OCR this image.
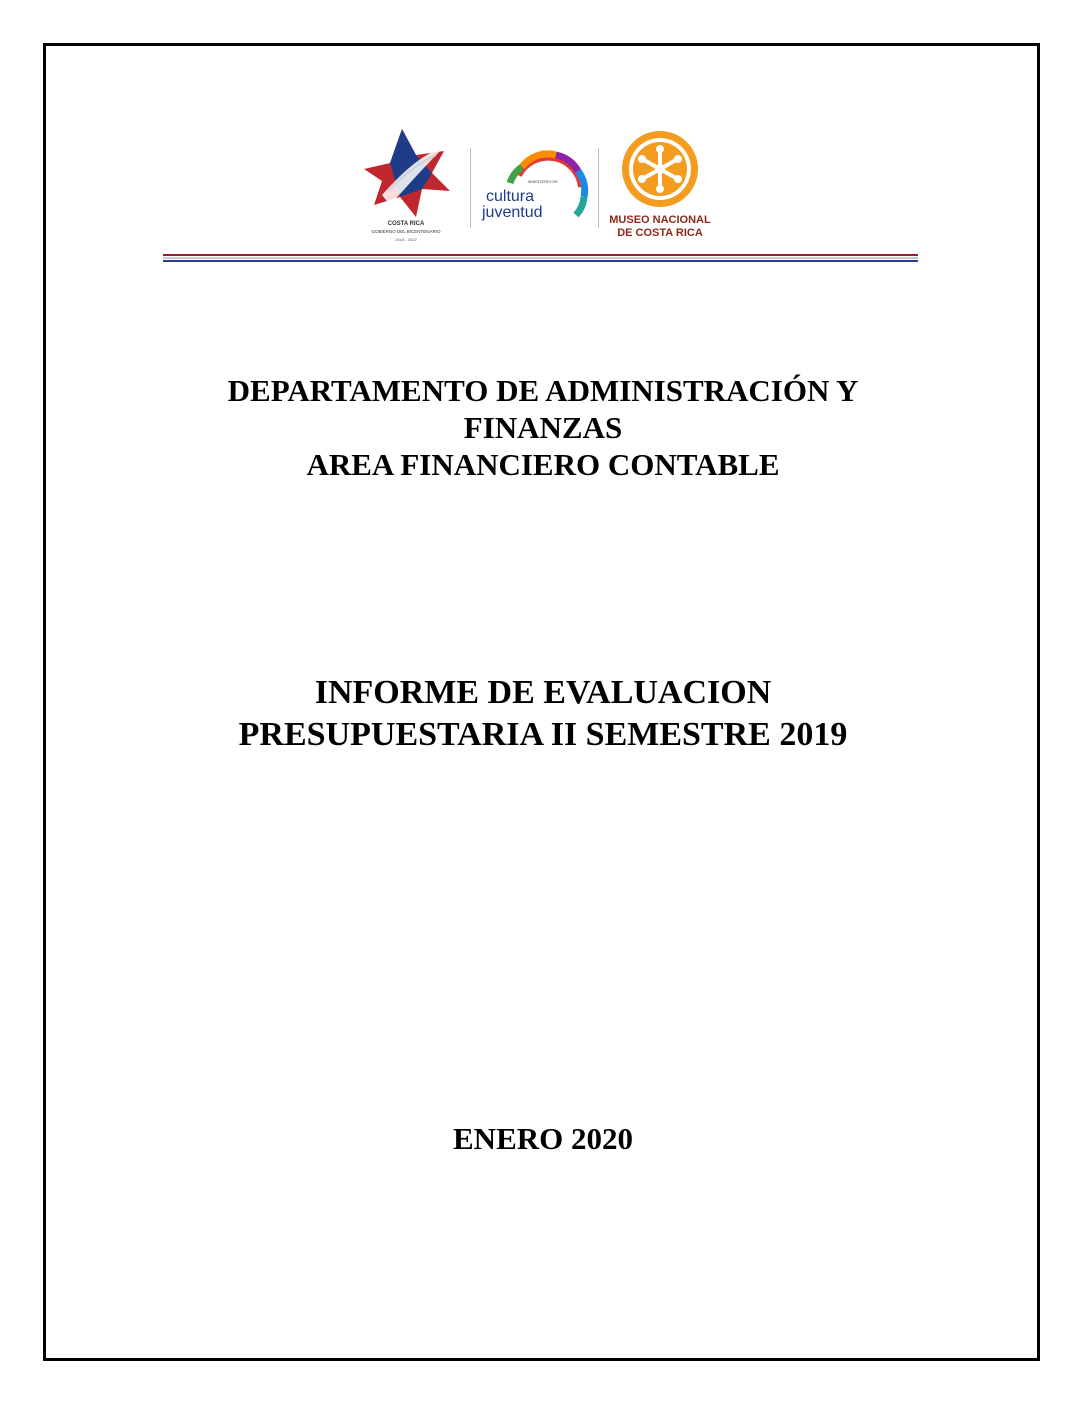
COSTA RICA
GOBIERNO DEL BICENTENARIO
2018 - 2022
MINISTERIO DE
cultura
juventud	MUSEO NACIONAL
DE COSTA RICA
DEPARTAMENTO DE ADMINISTRACIÓN Y
FINANZAS
AREA FINANCIERO CONTABLE
INFORME DE EVALUACION
PRESUPUESTARIA II SEMESTRE 2019
ENERO 2020
